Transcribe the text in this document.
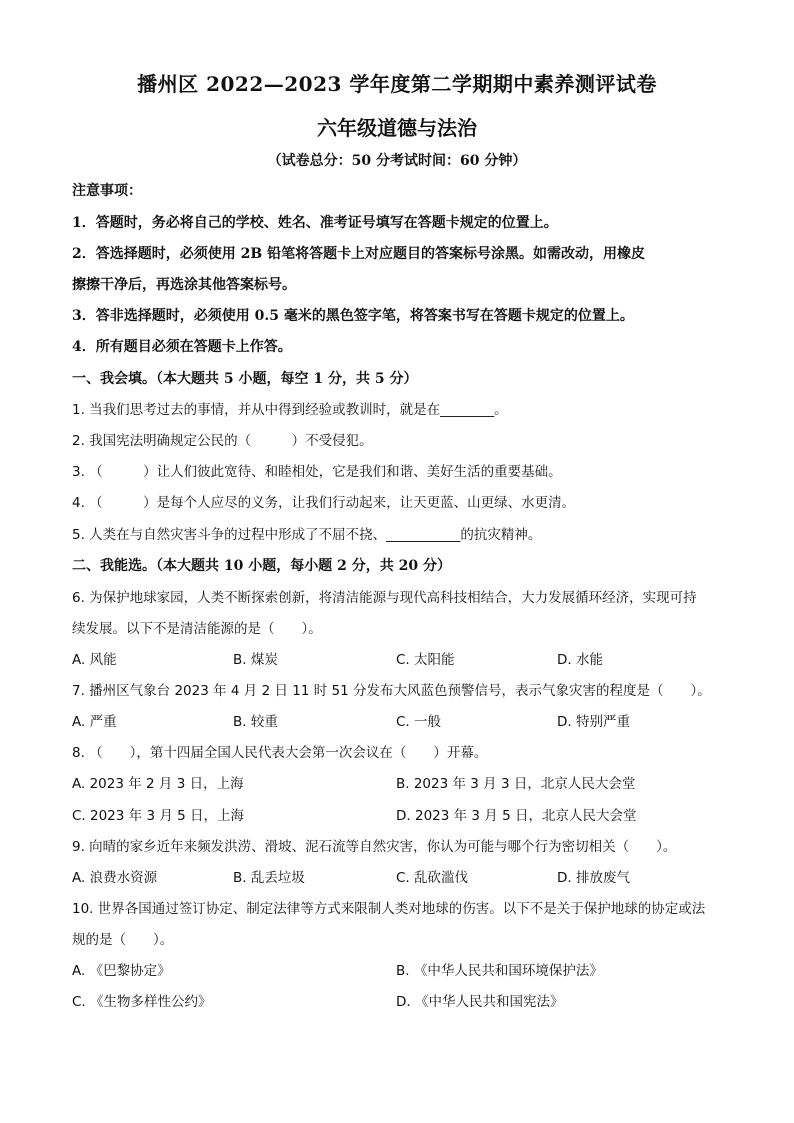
播州区 2022—2023 学年度第二学期期中素养测评试卷
六年级道德与法治
（试卷总分：50 分考试时间：60 分钟）
注意事项：
1．答题时，务必将自己的学校、姓名、准考证号填写在答题卡规定的位置上。
2．答选择题时，必须使用 2B 铅笔将答题卡上对应题目的答案标号涂黑。如需改动，用橡皮
擦擦干净后，再选涂其他答案标号。
3．答非选择题时，必须使用 0.5 毫米的黑色签字笔，将答案书写在答题卡规定的位置上。
4．所有题目必须在答题卡上作答。
一、我会填。（本大题共 5 小题，每空 1 分，共 5 分）
1. 当我们思考过去的事情，并从中得到经验或教训时，就是在________。
2. 我国宪法明确规定公民的（　　　）不受侵犯。
3. （　　　）让人们彼此宽待、和睦相处，它是我们和谐、美好生活的重要基础。
4. （　　　）是每个人应尽的义务，让我们行动起来，让天更蓝、山更绿、水更清。
5. 人类在与自然灾害斗争的过程中形成了不屈不挠、___________的抗灾精神。
二、我能选。（本大题共 10 小题，每小题 2 分，共 20 分）
6. 为保护地球家园，人类不断探索创新，将清洁能源与现代高科技相结合，大力发展循环经济，实现可持
续发展。以下不是清洁能源的是（　　）。
A. 风能	B. 煤炭	C. 太阳能	D. 水能
7. 播州区气象台 2023 年 4 月 2 日 11 时 51 分发布大风蓝色预警信号，表示气象灾害的程度是（　　）。
A. 严重	B. 较重	C. 一般	D. 特别严重
8. （　　），第十四届全国人民代表大会第一次会议在（　　）开幕。
A. 2023 年 2 月 3 日，上海	B. 2023 年 3 月 3 日，北京人民大会堂
C. 2023 年 3 月 5 日，上海	D. 2023 年 3 月 5 日，北京人民大会堂
9. 向晴的家乡近年来频发洪涝、滑坡、泥石流等自然灾害，你认为可能与哪个行为密切相关（　　）。
A. 浪费水资源	B. 乱丢垃圾	C. 乱砍滥伐	D. 排放废气
10. 世界各国通过签订协定、制定法律等方式来限制人类对地球的伤害。以下不是关于保护地球的协定或法
规的是（　　）。
A. 《巴黎协定》	B. 《中华人民共和国环境保护法》
C. 《生物多样性公约》	D. 《中华人民共和国宪法》
